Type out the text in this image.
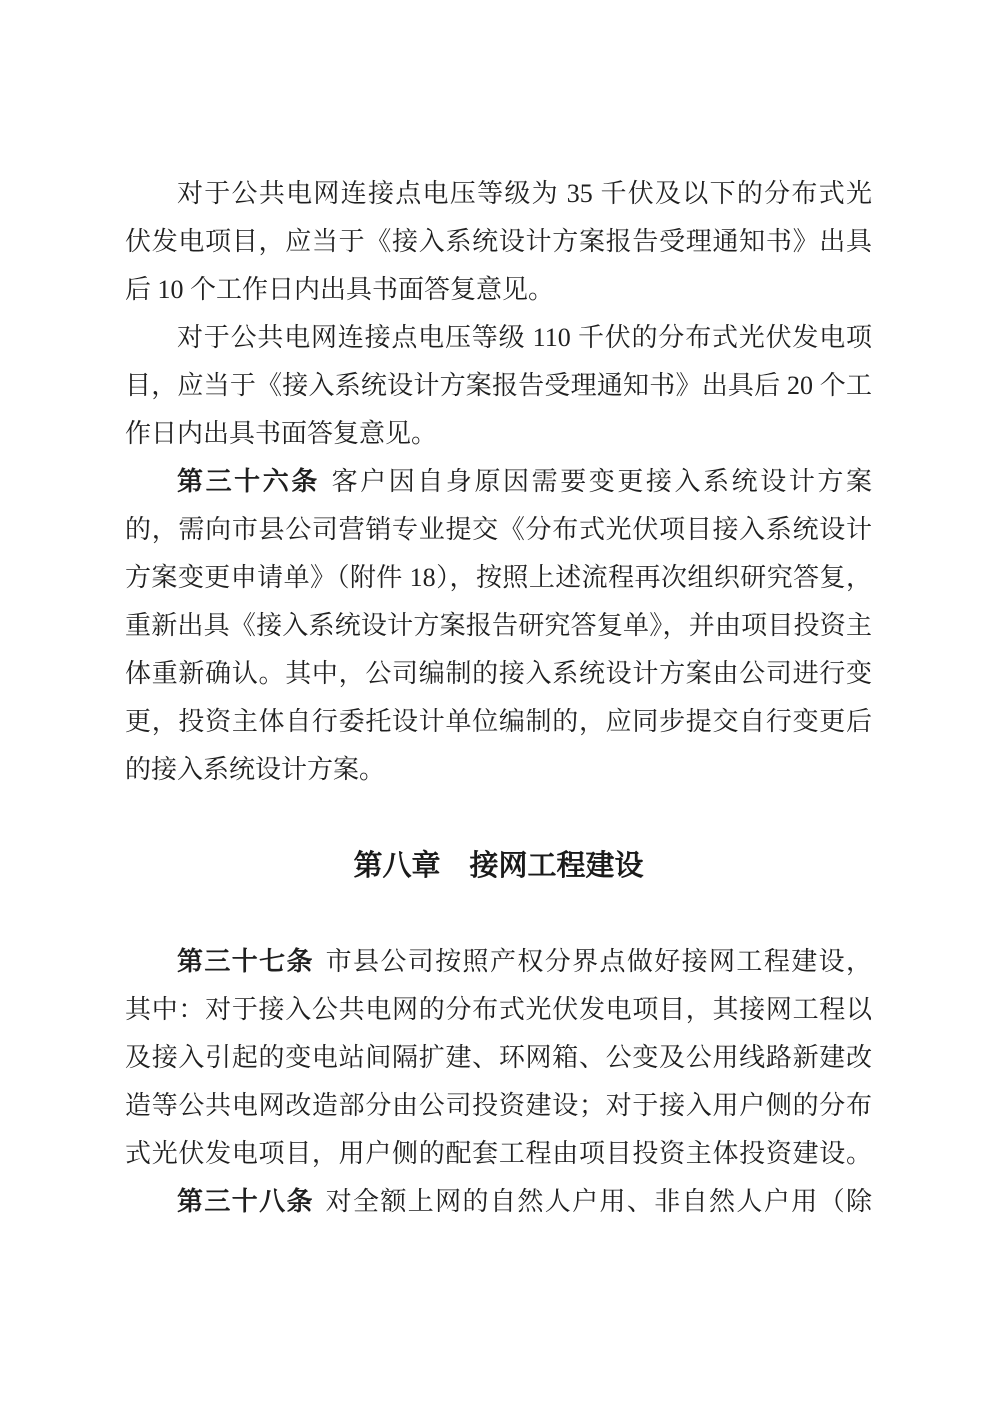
对于公共电网连接点电压等级为 35 千伏及以下的分布式光
伏发电项目，应当于《接入系统设计方案报告受理通知书》出具
后 10 个工作日内出具书面答复意见。
对于公共电网连接点电压等级 110 千伏的分布式光伏发电项
目，应当于《接入系统设计方案报告受理通知书》出具后 20 个工
作日内出具书面答复意见。
第三十六条 客户因自身原因需要变更接入系统设计方案
的，需向市县公司营销专业提交《分布式光伏项目接入系统设计
方案变更申请单》（附件 18），按照上述流程再次组织研究答复，
重新出具《接入系统设计方案报告研究答复单》，并由项目投资主
体重新确认。其中，公司编制的接入系统设计方案由公司进行变
更，投资主体自行委托设计单位编制的，应同步提交自行变更后
的接入系统设计方案。
第八章　接网工程建设
第三十七条 市县公司按照产权分界点做好接网工程建设，
其中：对于接入公共电网的分布式光伏发电项目，其接网工程以
及接入引起的变电站间隔扩建、环网箱、公变及公用线路新建改
造等公共电网改造部分由公司投资建设；对于接入用户侧的分布
式光伏发电项目，用户侧的配套工程由项目投资主体投资建设。
第三十八条 对全额上网的自然人户用、非自然人户用（除
